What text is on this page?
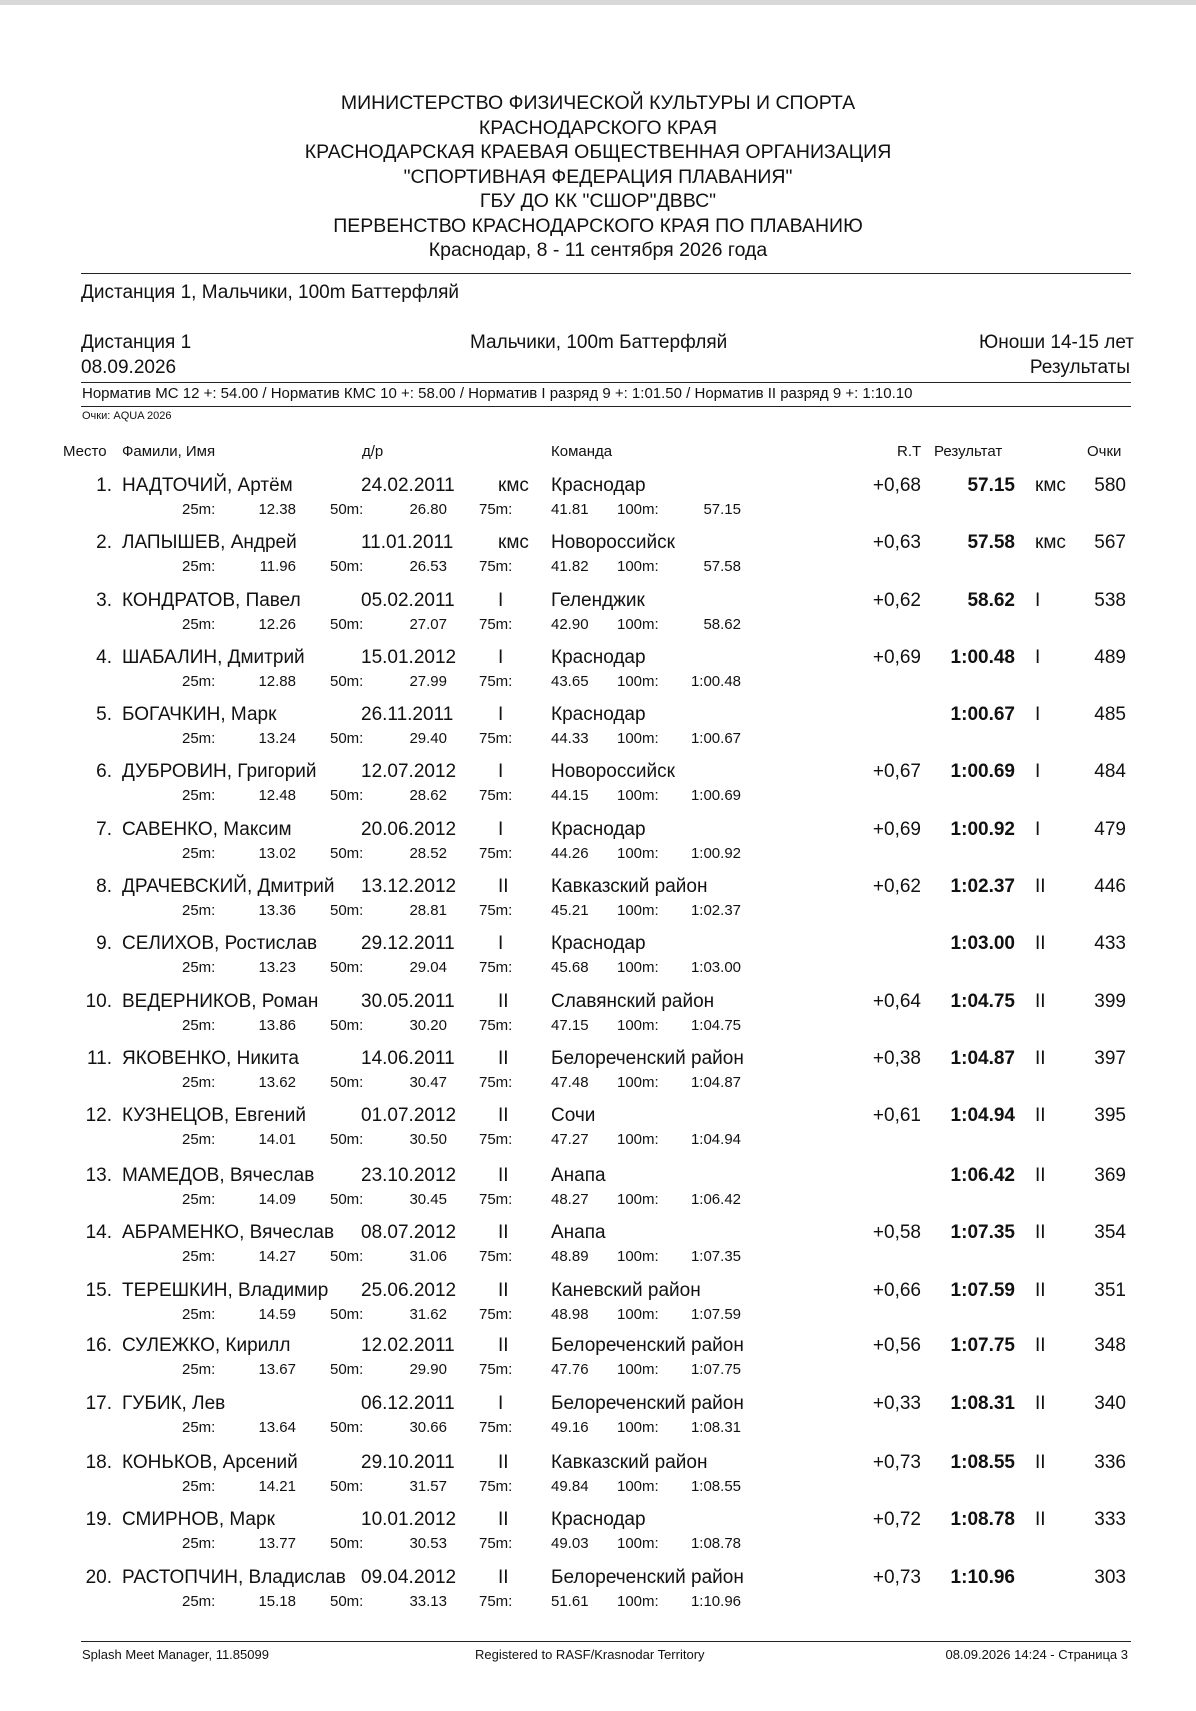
МИНИСТЕРСТВО ФИЗИЧЕСКОЙ КУЛЬТУРЫ И СПОРТА
КРАСНОДАРСКОГО КРАЯ
КРАСНОДАРСКАЯ КРАЕВАЯ ОБЩЕСТВЕННАЯ ОРГАНИЗАЦИЯ
"СПОРТИВНАЯ ФЕДЕРАЦИЯ ПЛАВАНИЯ"
ГБУ ДО КК "СШОР"ДВВС"
ПЕРВЕНСТВО КРАСНОДАРСКОГО КРАЯ ПО ПЛАВАНИЮ
Краснодар, 8 - 11 сентября 2026 года
Дистанция 1, Мальчики, 100m Баттерфляй
Дистанция 1
08.09.2026
Мальчики, 100m Баттерфляй	Юноши 14-15 лет
Результаты
Норматив МС 12 +: 54.00 / Норматив КМС 10 +: 58.00 / Норматив I разряд 9 +: 1:01.50 / Норматив II разряд 9 +: 1:10.10
Очки: AQUA 2026
Место Фамили, Имя	д/р	Команда	R.T Результат	Очки
1. НАДТОЧИЙ, Артём	24.02.2011 кмс Краснодар	+0,68 57.15 кмс 580
25m:	12.38 50m:	26.80 75m:	41.81 100m:	57.15
2. ЛАПЫШЕВ, Андрей	11.01.2011 кмс Новороссийск	+0,63 57.58 кмс 567
25m:	11.96 50m:	26.53 75m:	41.82 100m:	57.58
3. КОНДРАТОВ, Павел	05.02.2011 I	Геленджик	+0,62 58.62 I	538
25m:	12.26 50m:	27.07 75m:	42.90 100m:	58.62
4. ШАБАЛИН, Дмитрий	15.01.2012 I	Краснодар	+0,69 1:00.48 I	489
25m:	12.88 50m:	27.99 75m:	43.65 100m: 1:00.48
5. БОГАЧКИН, Марк	26.11.2011 I	Краснодар	1:00.67 I	485
25m:	13.24 50m:	29.40 75m:	44.33 100m: 1:00.67
6. ДУБРОВИН, Григорий 12.07.2012 I	Новороссийск	+0,67 1:00.69 I	484
25m:	12.48 50m:	28.62 75m:	44.15 100m: 1:00.69
7. САВЕНКО, Максим	20.06.2012 I	Краснодар	+0,69 1:00.92 I	479
25m:	13.02 50m:	28.52 75m:	44.26 100m: 1:00.92
8. ДРАЧЕВСКИЙ, Дмитрий 13.12.2012 II Кавказский район	+0,62 1:02.37 II	446
25m:	13.36 50m:	28.81 75m:	45.21 100m: 1:02.37
9. СЕЛИХОВ, Ростислав 29.12.2011 I	Краснодар	1:03.00 II	433
25m:	13.23 50m:	29.04 75m:	45.68 100m: 1:03.00
10. ВЕДЕРНИКОВ, Роман 30.05.2011 II Славянский район	+0,64 1:04.75 II	399
25m:	13.86 50m:	30.20 75m:	47.15 100m: 1:04.75
11. ЯКОВЕНКО, Никита	14.06.2011 II Белореченский район	+0,38 1:04.87 II	397
25m:	13.62 50m:	30.47 75m:	47.48 100m: 1:04.87
12. КУЗНЕЦОВ, Евгений	01.07.2012 II Сочи	+0,61 1:04.94 II	395
25m:	14.01 50m:	30.50 75m:	47.27 100m: 1:04.94
13. МАМЕДОВ, Вячеслав 23.10.2012 II Анапа	1:06.42 II	369
25m:	14.09 50m:	30.45 75m:	48.27 100m: 1:06.42
14. АБРАМЕНКО, Вячеслав 08.07.2012 II Анапа	+0,58 1:07.35 II	354
25m:	14.27 50m:	31.06 75m:	48.89 100m: 1:07.35
15. ТЕРЕШКИН, Владимир 25.06.2012 II Каневский район	+0,66 1:07.59 II	351
25m:	14.59 50m:	31.62 75m:	48.98 100m: 1:07.59
16. СУЛЕЖКО, Кирилл	12.02.2011 II Белореченский район	+0,56 1:07.75 II	348
25m:	13.67 50m:	29.90 75m:	47.76 100m: 1:07.75
17. ГУБИК, Лев	06.12.2011 I	Белореченский район	+0,33 1:08.31 II	340
25m:	13.64 50m:	30.66 75m:	49.16 100m: 1:08.31
18. КОНЬКОВ, Арсений	29.10.2011 II Кавказский район	+0,73 1:08.55 II	336
25m:	14.21 50m:	31.57 75m:	49.84 100m: 1:08.55
19. СМИРНОВ, Марк	10.01.2012 II Краснодар	+0,72 1:08.78 II	333
25m:	13.77 50m:	30.53 75m:	49.03 100m: 1:08.78
20. РАСТОПЧИН, Владислав 09.04.2012 II Белореченский район	+0,73 1:10.96	303
25m:	15.18 50m:	33.13 75m:	51.61 100m: 1:10.96
Splash Meet Manager, 11.85099	Registered to RASF/Krasnodar Territory	08.09.2026 14:24 - Страница 3
